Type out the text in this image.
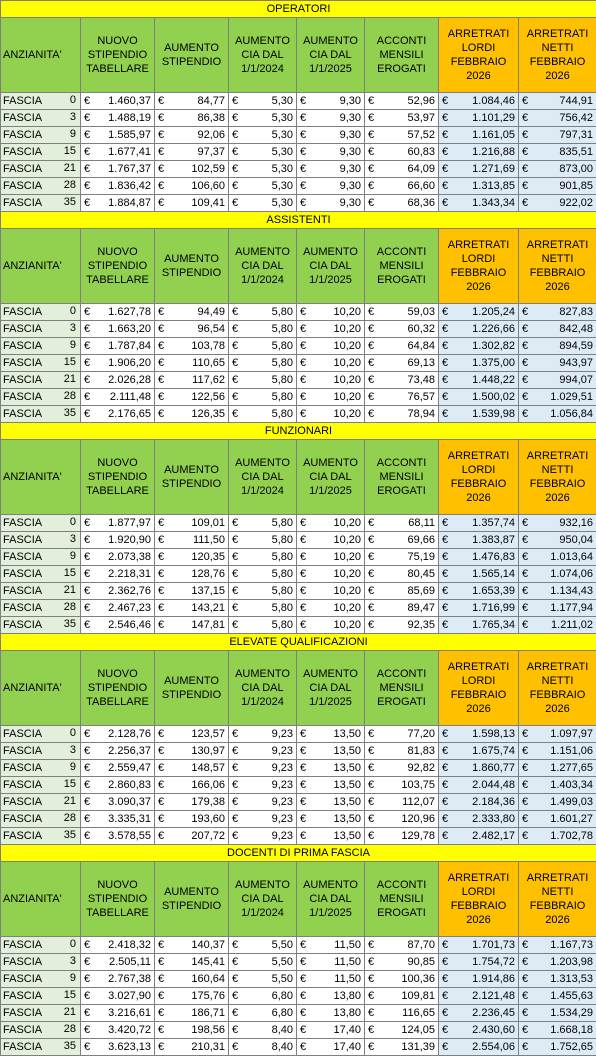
OPERATORI							
ANZIANITA'	NUOVO STIPENDIO TABELLARE	AUMENTO STIPENDIO	AUMENTO CIA DAL 1/1/2024	AUMENTO CIA DAL 1/1/2025	ACCONTI MENSILI EROGATI	ARRETRATI LORDI FEBBRAIO 2026	ARRETRATI NETTI FEBBRAIO 2026
FASCIA 0	€ 1.460,37	€ 84,77	€ 5,30	€ 9,30	€ 52,96	€ 1.084,46	€ 744,91

FASCIA 3	€ 1.488,19	€ 86,38	€ 5,30	€ 9,30	€ 53,97	€ 1.101,29	€ 756,42

FASCIA 9	€ 1.585,97	€ 92,06	€ 5,30	€ 9,30	€ 57,52	€ 1.161,05	€ 797,31

FASCIA 15	€ 1.677,41	€ 97,37	€ 5,30	€ 9,30	€ 60,83	€ 1.216,88	€ 835,51

FASCIA 21	€ 1.767,37	€ 102,59	€ 5,30	€ 9,30	€ 64,09	€ 1.271,69	€ 873,00

FASCIA 28	€ 1.836,42	€ 106,60	€ 5,30	€ 9,30	€ 66,60	€ 1.313,85	€ 901,85

FASCIA 35	€ 1.884,87	€ 109,41	€ 5,30	€ 9,30	€ 68,36	€ 1.343,34	€ 922,02

ASSISTENTI							
ANZIANITA'	NUOVO STIPENDIO TABELLARE	AUMENTO STIPENDIO	AUMENTO CIA DAL 1/1/2024	AUMENTO CIA DAL 1/1/2025	ACCONTI MENSILI EROGATI	ARRETRATI LORDI FEBBRAIO 2026	ARRETRATI NETTI FEBBRAIO 2026
FASCIA 0	€ 1.627,78	€ 94,49	€ 5,80	€ 10,20	€ 59,03	€ 1.205,24	€ 827,83

FASCIA 3	€ 1.663,20	€ 96,54	€ 5,80	€ 10,20	€ 60,32	€ 1.226,66	€ 842,48

FASCIA 9	€ 1.787,84	€ 103,78	€ 5,80	€ 10,20	€ 64,84	€ 1.302,82	€ 894,59

FASCIA 15	€ 1.906,20	€ 110,65	€ 5,80	€ 10,20	€ 69,13	€ 1.375,00	€ 943,97

FASCIA 21	€ 2.026,28	€ 117,62	€ 5,80	€ 10,20	€ 73,48	€ 1.448,22	€ 994,07

FASCIA 28	€ 2.111,48	€ 122,56	€ 5,80	€ 10,20	€ 76,57	€ 1.500,02	€ 1.029,51

FASCIA 35	€ 2.176,65	€ 126,35	€ 5,80	€ 10,20	€ 78,94	€ 1.539,98	€ 1.056,84

FUNZIONARI							
ANZIANITA'	NUOVO STIPENDIO TABELLARE	AUMENTO STIPENDIO	AUMENTO CIA DAL 1/1/2024	AUMENTO CIA DAL 1/1/2025	ACCONTI MENSILI EROGATI	ARRETRATI LORDI FEBBRAIO 2026	ARRETRATI NETTI FEBBRAIO 2026
FASCIA 0	€ 1.877,97	€ 109,01	€ 5,80	€ 10,20	€ 68,11	€ 1.357,74	€ 932,16

FASCIA 3	€ 1.920,90	€ 111,50	€ 5,80	€ 10,20	€ 69,66	€ 1.383,87	€ 950,04

FASCIA 9	€ 2.073,38	€ 120,35	€ 5,80	€ 10,20	€ 75,19	€ 1.476,83	€ 1.013,64

FASCIA 15	€ 2.218,31	€ 128,76	€ 5,80	€ 10,20	€ 80,45	€ 1.565,14	€ 1.074,06

FASCIA 21	€ 2.362,76	€ 137,15	€ 5,80	€ 10,20	€ 85,69	€ 1.653,39	€ 1.134,43

FASCIA 28	€ 2.467,23	€ 143,21	€ 5,80	€ 10,20	€ 89,47	€ 1.716,99	€ 1.177,94

FASCIA 35	€ 2.546,46	€ 147,81	€ 5,80	€ 10,20	€ 92,35	€ 1.765,34	€ 1.211,02

ELEVATE QUALIFICAZIONI							
ANZIANITA'	NUOVO STIPENDIO TABELLARE	AUMENTO STIPENDIO	AUMENTO CIA DAL 1/1/2024	AUMENTO CIA DAL 1/1/2025	ACCONTI MENSILI EROGATI	ARRETRATI LORDI FEBBRAIO 2026	ARRETRATI NETTI FEBBRAIO 2026
FASCIA 0	€ 2.128,76	€ 123,57	€ 9,23	€ 13,50	€ 77,20	€ 1.598,13	€ 1.097,97

FASCIA 3	€ 2.256,37	€ 130,97	€ 9,23	€ 13,50	€ 81,83	€ 1.675,74	€ 1.151,06

FASCIA 9	€ 2.559,47	€ 148,57	€ 9,23	€ 13,50	€ 92,82	€ 1.860,77	€ 1.277,65

FASCIA 15	€ 2.860,83	€ 166,06	€ 9,23	€ 13,50	€ 103,75	€ 2.044,48	€ 1.403,34

FASCIA 21	€ 3.090,37	€ 179,38	€ 9,23	€ 13,50	€ 112,07	€ 2.184,36	€ 1.499,03

FASCIA 28	€ 3.335,31	€ 193,60	€ 9,23	€ 13,50	€ 120,96	€ 2.333,80	€ 1.601,27

FASCIA 35	€ 3.578,55	€ 207,72	€ 9,23	€ 13,50	€ 129,78	€ 2.482,17	€ 1.702,78

DOCENTI DI PRIMA FASCIA							
ANZIANITA'	NUOVO STIPENDIO TABELLARE	AUMENTO STIPENDIO	AUMENTO CIA DAL 1/1/2024	AUMENTO CIA DAL 1/1/2025	ACCONTI MENSILI EROGATI	ARRETRATI LORDI FEBBRAIO 2026	ARRETRATI NETTI FEBBRAIO 2026
FASCIA 0	€ 2.418,32	€ 140,37	€ 5,50	€ 11,50	€ 87,70	€ 1.701,73	€ 1.167,73

FASCIA 3	€ 2.505,11	€ 145,41	€ 5,50	€ 11,50	€ 90,85	€ 1.754,72	€ 1.203,98

FASCIA 9	€ 2.767,38	€ 160,64	€ 5,50	€ 11,50	€ 100,36	€ 1.914,86	€ 1.313,53

FASCIA 15	€ 3.027,90	€ 175,76	€ 6,80	€ 13,80	€ 109,81	€ 2.121,48	€ 1.455,63

FASCIA 21	€ 3.216,61	€ 186,71	€ 6,80	€ 13,80	€ 116,65	€ 2.236,45	€ 1.534,29

FASCIA 28	€ 3.420,72	€ 198,56	€ 8,40	€ 17,40	€ 124,05	€ 2.430,60	€ 1.668,18

FASCIA 35	€ 3.623,13	€ 210,31	€ 8,40	€ 17,40	€ 131,39	€ 2.554,06	€ 1.752,65
